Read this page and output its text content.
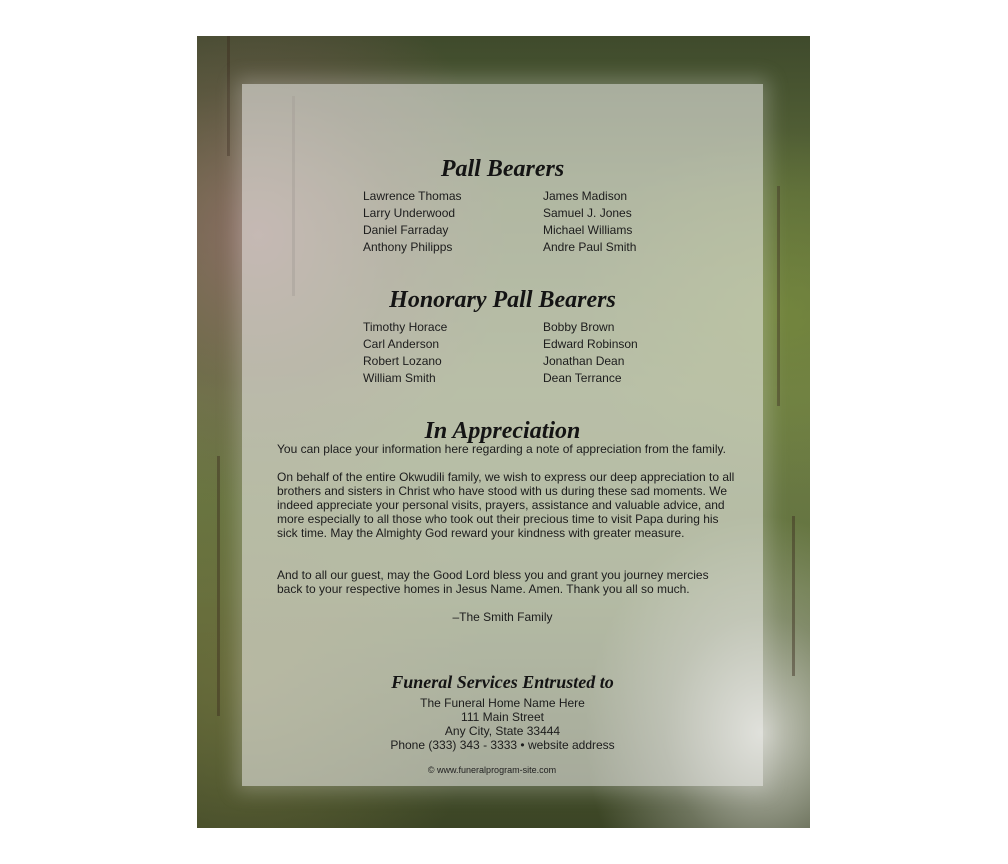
Pall Bearers
Lawrence Thomas
Larry Underwood
Daniel Farraday
Anthony Philipps
James Madison
Samuel J. Jones
Michael Williams
Andre Paul Smith
Honorary Pall Bearers
Timothy Horace
Carl Anderson
Robert Lozano
William Smith
Bobby Brown
Edward Robinson
Jonathan Dean
Dean Terrance
In Appreciation
You can place your information here regarding a note of appreciation from the family.
On behalf of the entire Okwudili family, we wish to express our deep appreciation to all brothers and sisters in Christ who have stood with us during these sad moments. We indeed appreciate your personal visits, prayers, assistance and valuable advice, and more especially to all those who took out their precious time to visit Papa during his sick time. May the Almighty God reward your kindness with greater measure.
And to all our guest, may the Good Lord bless you and grant you journey mercies back to your respective homes in Jesus Name. Amen. Thank you all so much.
–The Smith Family
Funeral Services Entrusted to
The Funeral Home Name Here
111 Main Street
Any City, State 33444
Phone (333) 343 - 3333 • website address
© www.funeralprogram-site.com
